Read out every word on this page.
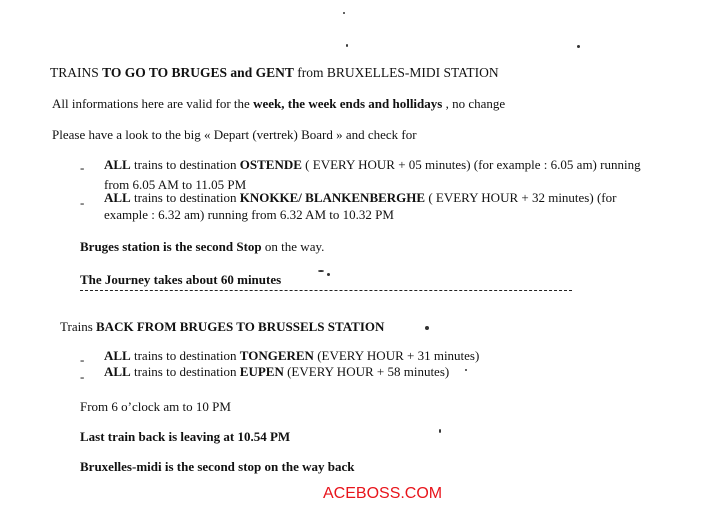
TRAINS TO GO TO BRUGES and GENT from BRUXELLES-MIDI STATION
All informations here are valid for the week, the week ends and hollidays , no change
Please have a look to the big « Depart (vertrek) Board » and check for
- ALL trains to destination OSTENDE ( EVERY HOUR + 05 minutes) (for example : 6.05 am) running
from 6.05 AM to 11.05 PM
- ALL trains to destination KNOKKE/ BLANKENBERGHE ( EVERY HOUR + 32 minutes) (for
example : 6.32 am) running from 6.32 AM to 10.32 PM
Bruges station is the second Stop on the way.
The Journey takes about 60 minutes
Trains BACK FROM BRUGES TO BRUSSELS STATION
- ALL trains to destination TONGEREN (EVERY HOUR + 31 minutes)
- ALL trains to destination EUPEN (EVERY HOUR + 58 minutes)
From 6 o’clock am to 10 PM
Last train back is leaving at 10.54 PM
Bruxelles-midi is the second stop on the way back
ACEBOSS.COM
